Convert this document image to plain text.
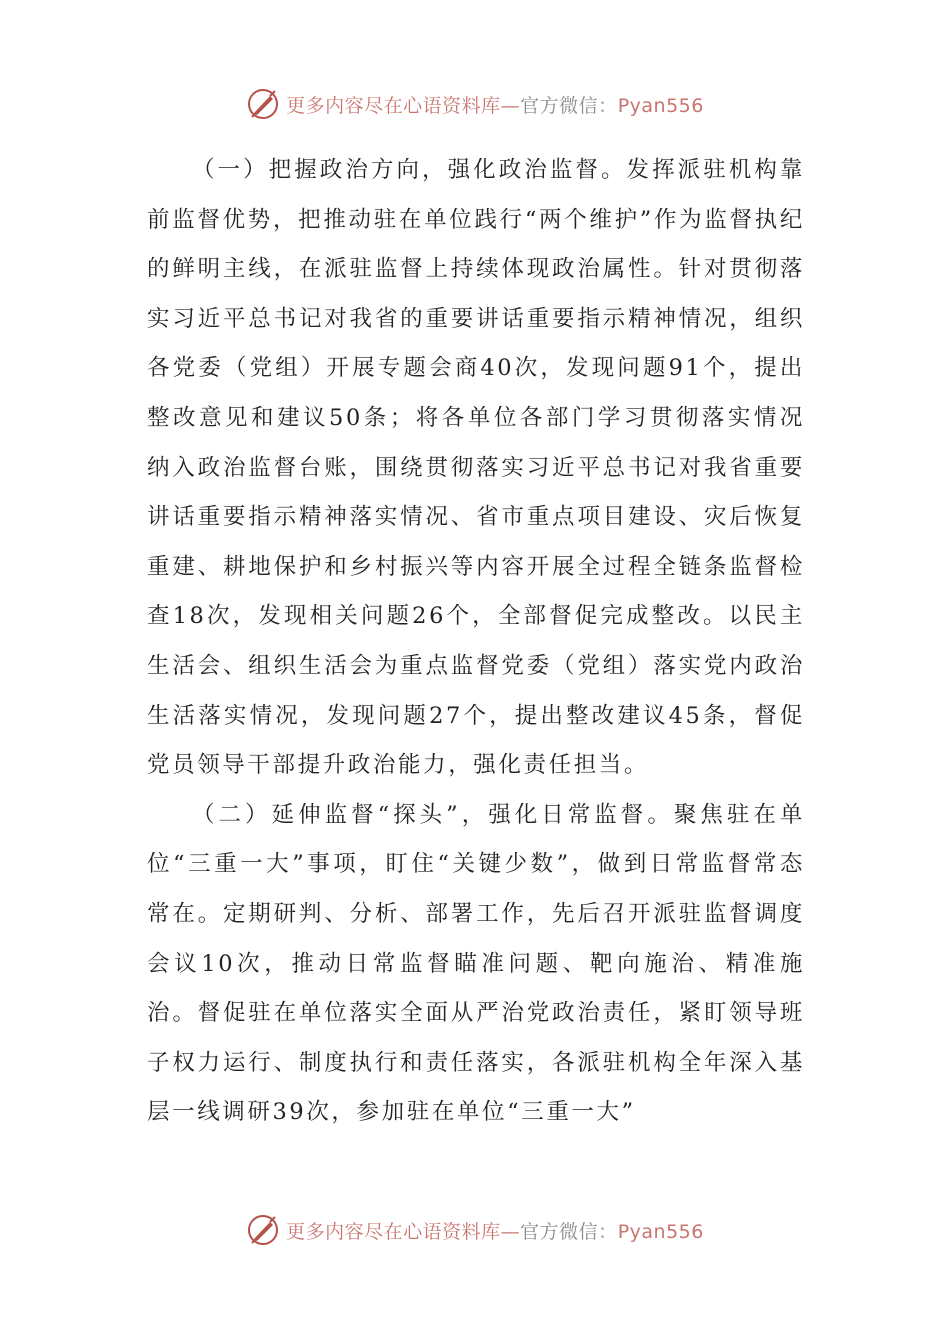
更多内容尽在心语资料库—官方微信：Pyan556

（一）把握政治方向，强化政治监督。发挥派驻机构靠前监督优势，把推动驻在单位践行“两个维护”作为监督执纪的鲜明主线，在派驻监督上持续体现政治属性。针对贯彻落实习近平总书记对我省的重要讲话重要指示精神情况，组织各党委（党组）开展专题会商40次，发现问题91个，提出整改意见和建议50条；将各单位各部门学习贯彻落实情况纳入政治监督台账，围绕贯彻落实习近平总书记对我省重要讲话重要指示精神落实情况、省市重点项目建设、灾后恢复重建、耕地保护和乡村振兴等内容开展全过程全链条监督检查18次，发现相关问题26个，全部督促完成整改。以民主生活会、组织生活会为重点监督党委（党组）落实党内政治生活落实情况，发现问题27个，提出整改建议45条，督促党员领导干部提升政治能力，强化责任担当。

（二）延伸监督“探头”，强化日常监督。聚焦驻在单位“三重一大”事项，盯住“关键少数”，做到日常监督常态常在。定期研判、分析、部署工作，先后召开派驻监督调度会议10次，推动日常监督瞄准问题、靶向施治、精准施治。督促驻在单位落实全面从严治党政治责任，紧盯领导班子权力运行、制度执行和责任落实，各派驻机构全年深入基层一线调研39次，参加驻在单位“三重一大”

更多内容尽在心语资料库—官方微信：Pyan556
